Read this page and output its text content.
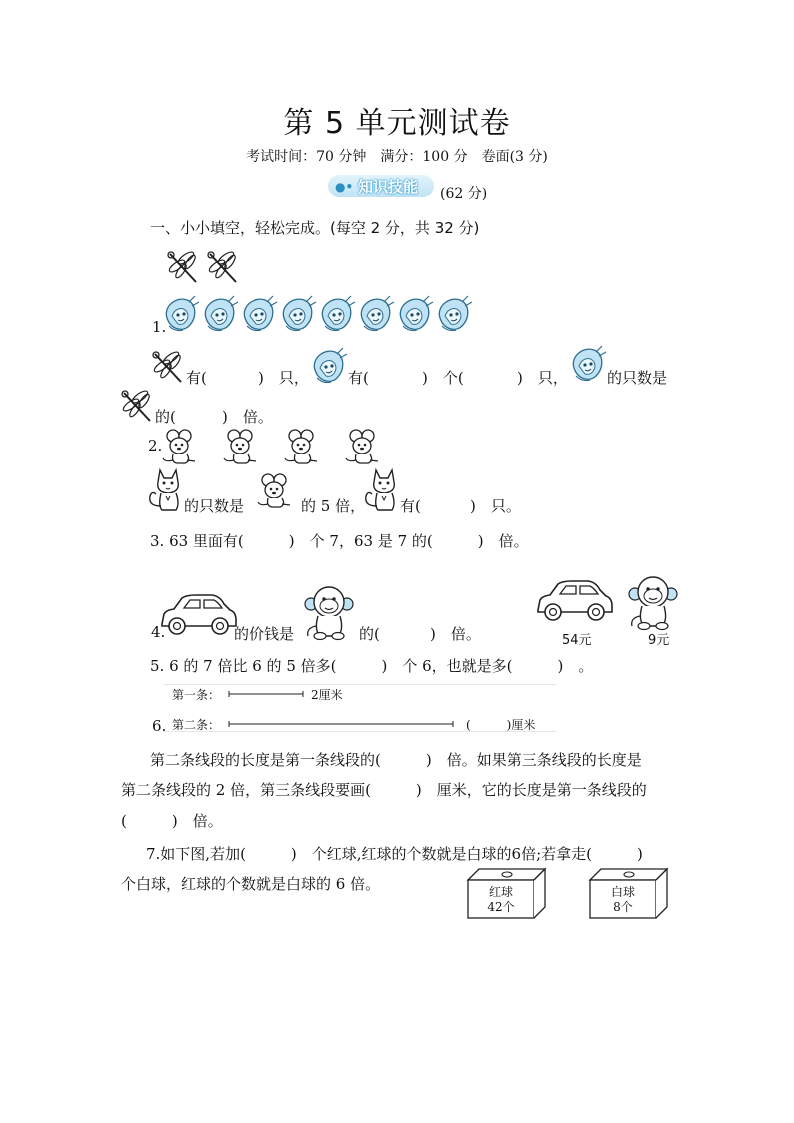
第 5 单元测试卷
考试时间：70 分钟　满分：100 分　卷面(3 分)
●• 知识技能 (62 分)
一、小小填空，轻松完成。(每空 2 分，共 32 分)
1.
有(	)　只，	有(	)　个(	)　只，	的只数是
的(	)　倍。
2.
的只数是	的 5 倍， 有(	)　只。
3. 63 里面有(　　　)　个 7，63 是 7 的(　　　)　倍。
4.	的价钱是	的(	)　倍。	54元	9元
5. 6 的 7 倍比 6 的 5 倍多(　　　)　个 6，也就是多(　　　)　。
第一条：	2厘米
6. 第二条：	(　　　)厘米
第二条线段的长度是第一条线段的(　　　)　倍。如果第三条线段的长度是
第二条线段的 2 倍，第三条线段要画(　　　)　厘米，它的长度是第一条线段的
(　　　)　倍。
7.如下图,若加(　　　)　个红球,红球的个数就是白球的6倍;若拿走(　　　)
个白球，红球的个数就是白球的 6 倍。	红球
42个
白球
8个
